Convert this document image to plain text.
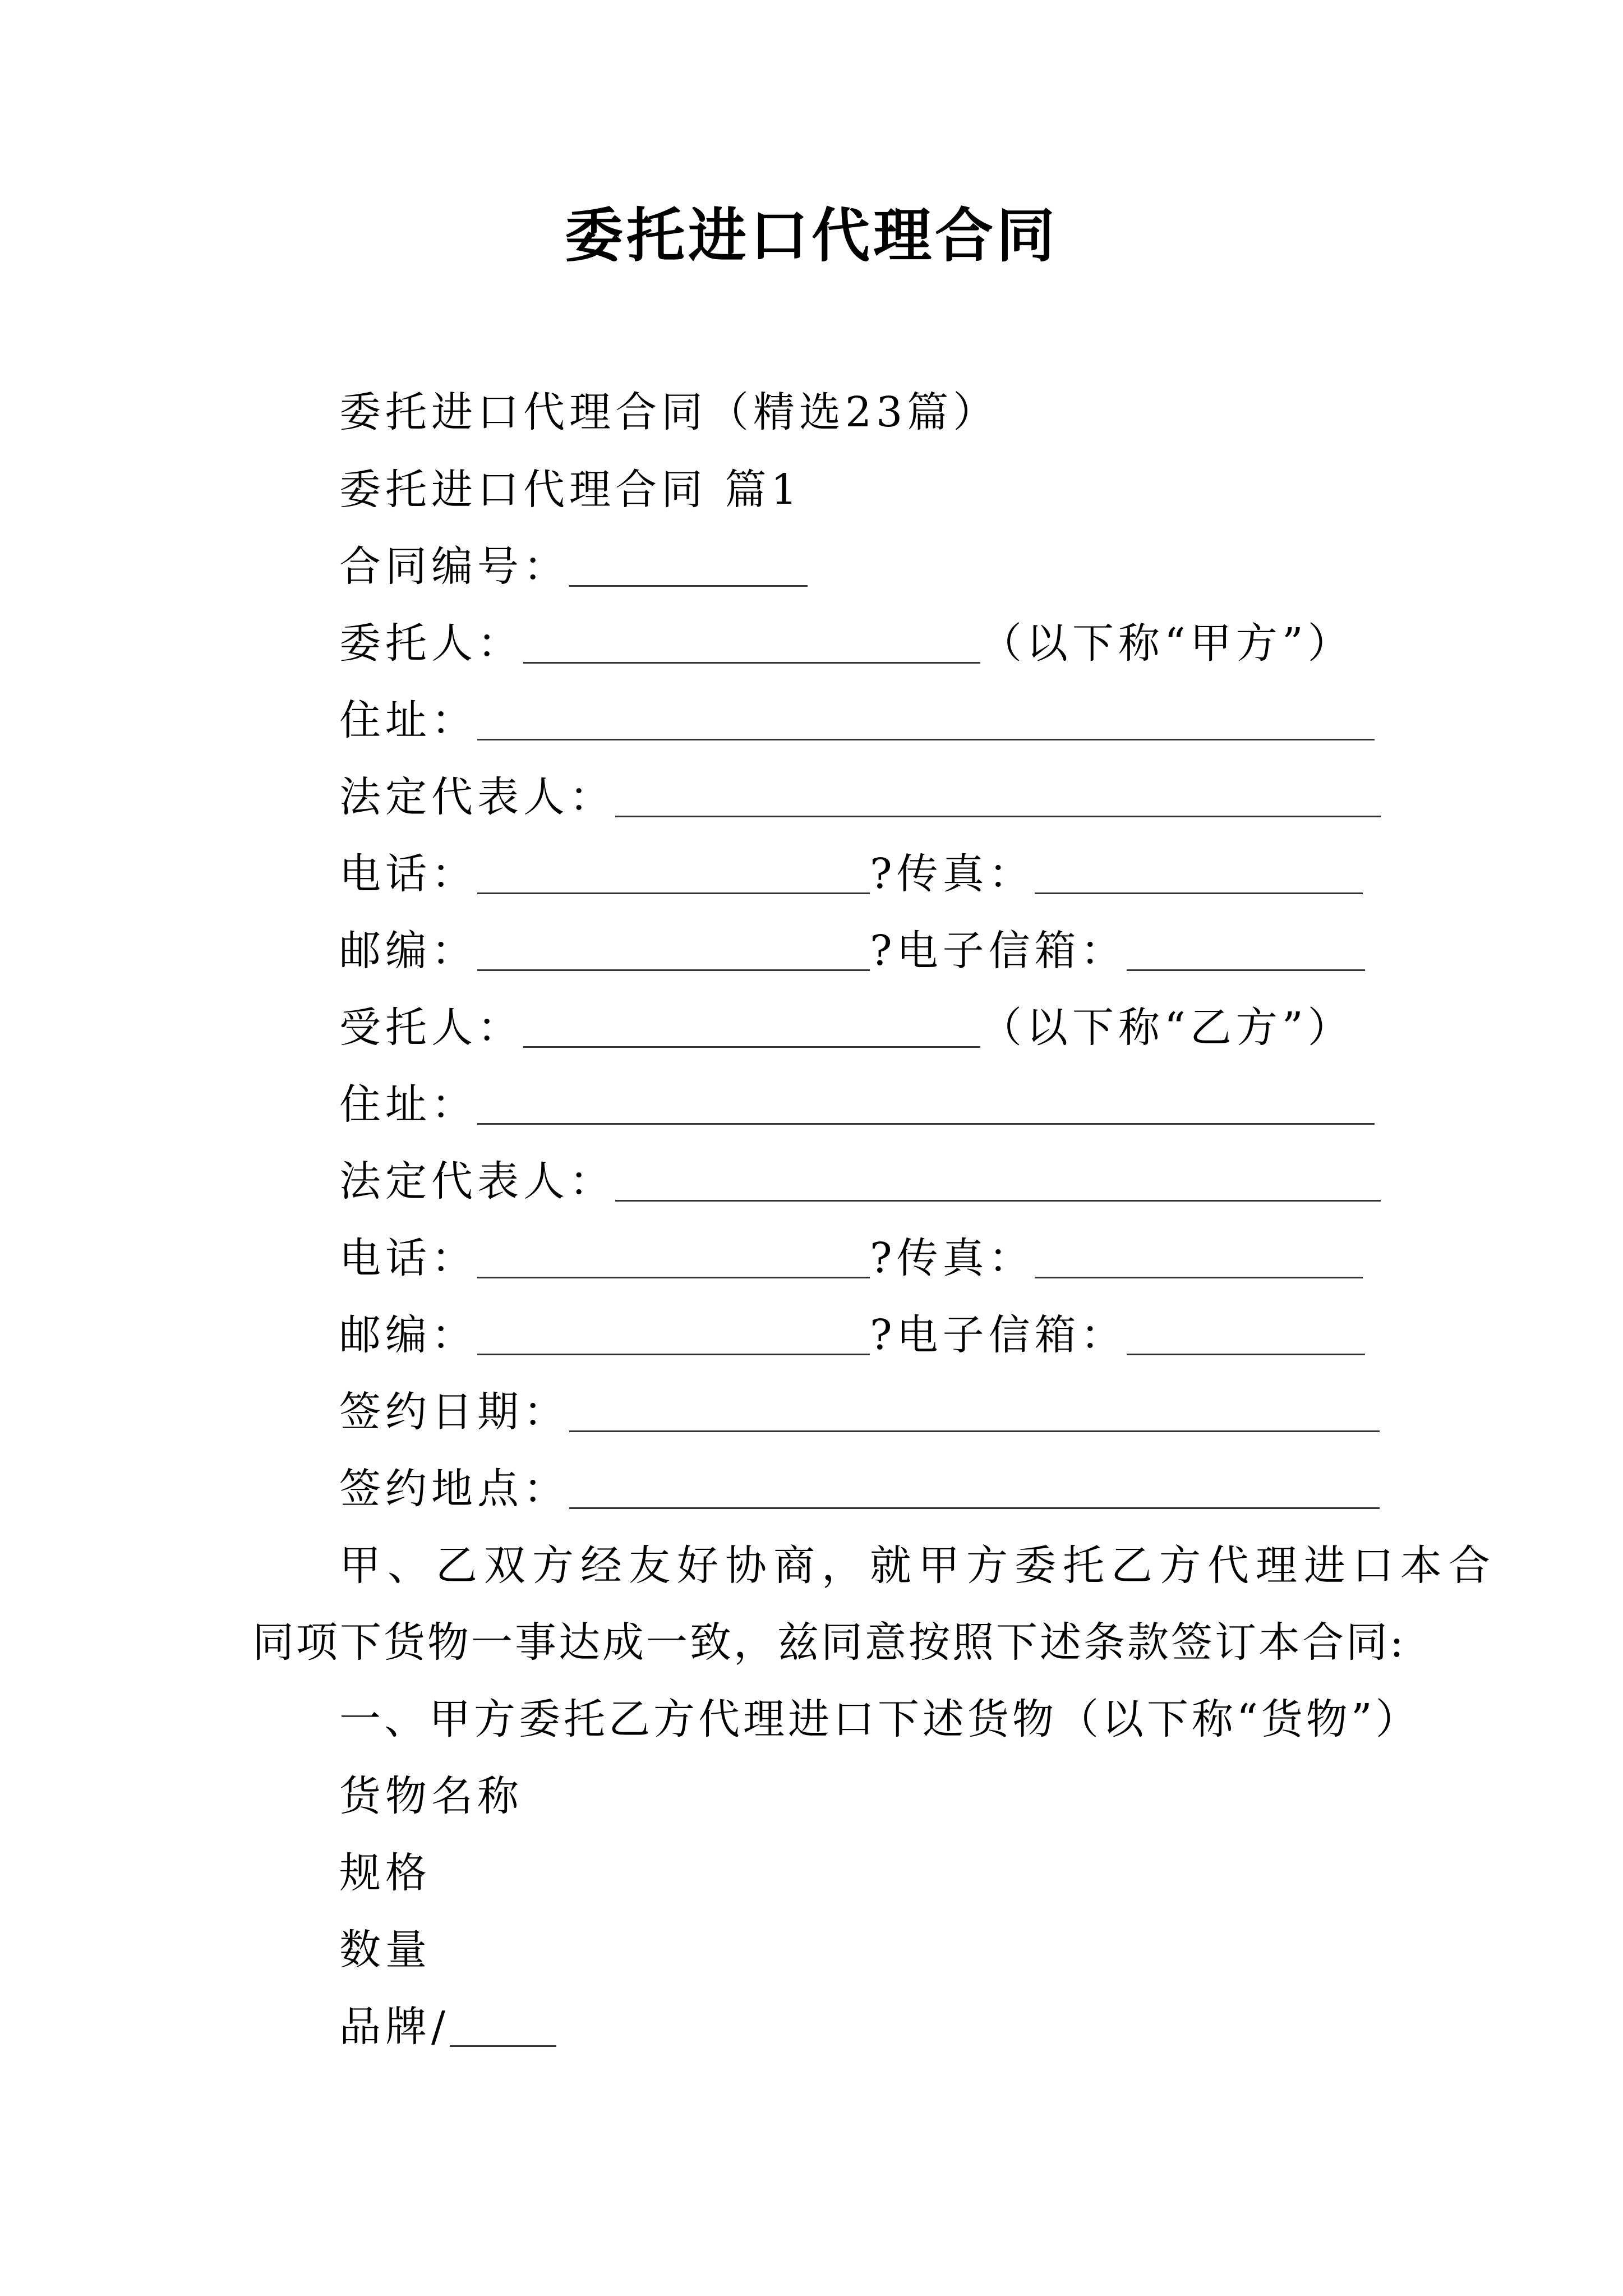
委托进口代理合同
委托进口代理合同（精选23篇）
委托进口代理合同 篇1
合同编号：
委托人：	（以下称“甲方”）
住址：
法定代表人：
电话：	?传真：
邮编：	?电子信箱：
受托人：	（以下称“乙方”）
住址：
法定代表人：
电话：	?传真：
邮编：	?电子信箱：
签约日期：
签约地点：
甲、乙双方经友好协商，就甲方委托乙方代理进口本合
同项下货物一事达成一致，兹同意按照下述条款签订本合同:
一、甲方委托乙方代理进口下述货物（以下称“货物”）
货物名称
规格
数量
品牌/
